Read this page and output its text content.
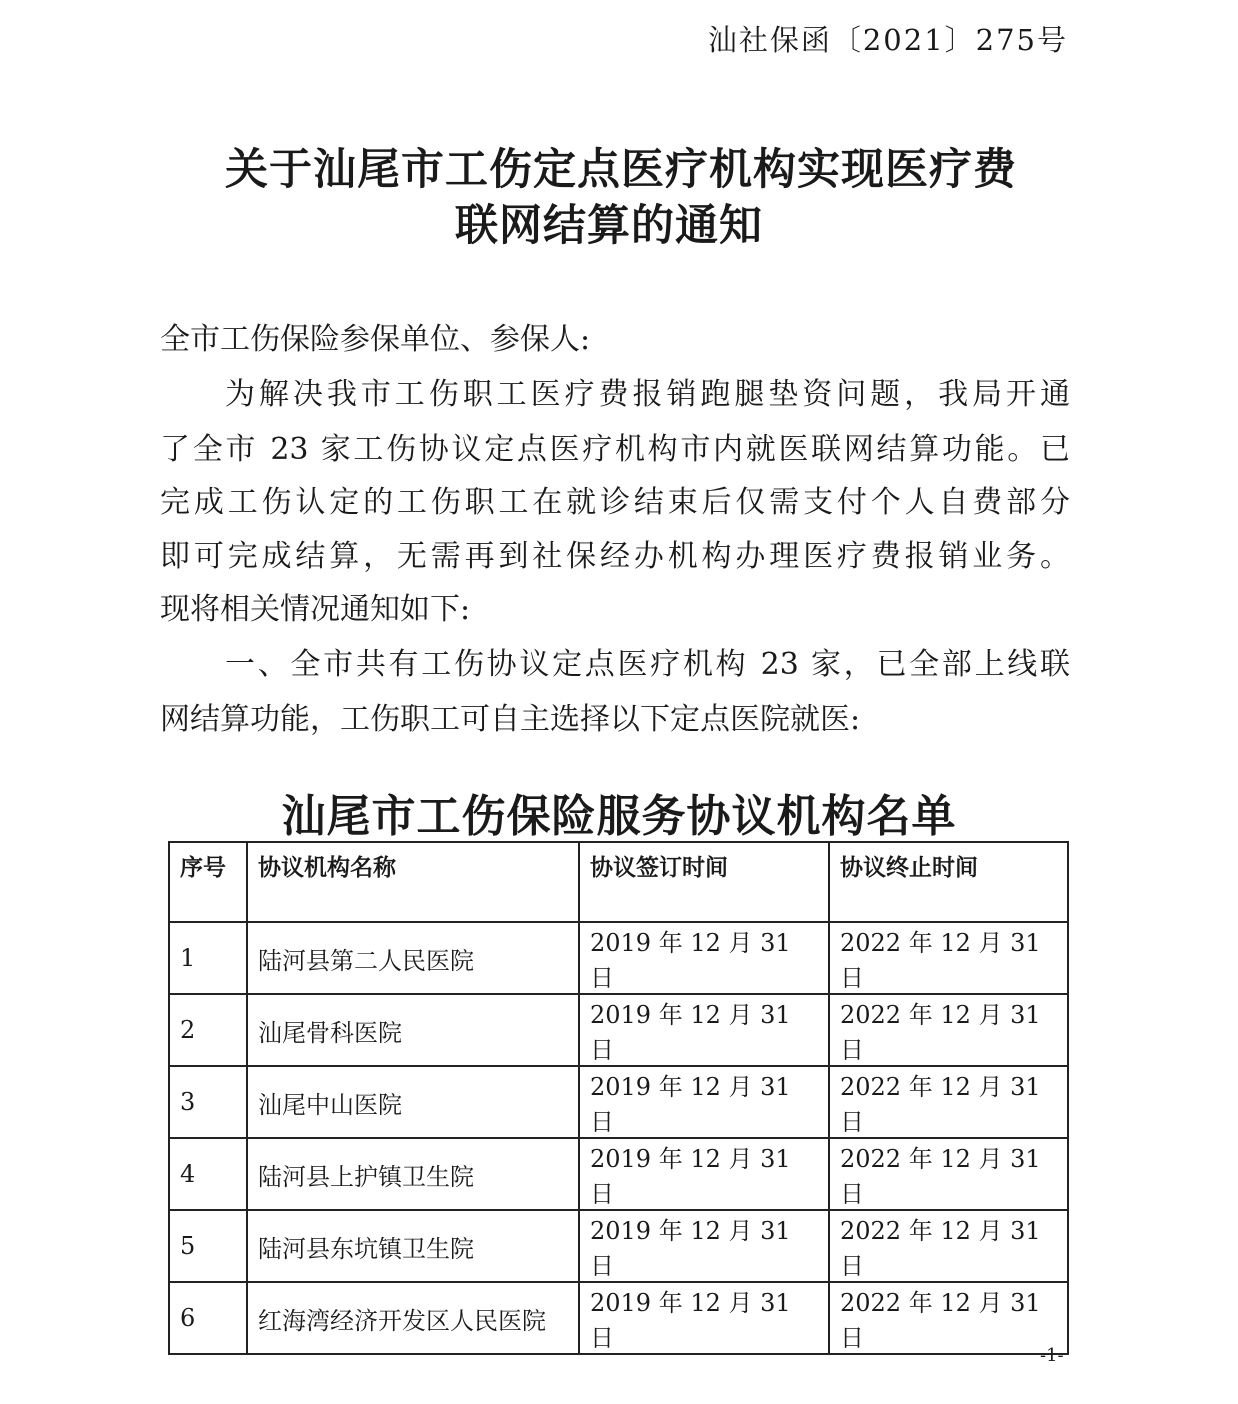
汕社保函〔2021〕275号
关于汕尾市工伤定点医疗机构实现医疗费
联网结算的通知
全市工伤保险参保单位、参保人:
为解决我市工伤职工医疗费报销跑腿垫资问题，我局开通
了全市 23 家工伤协议定点医疗机构市内就医联网结算功能。已
完成工伤认定的工伤职工在就诊结束后仅需支付个人自费部分
即可完成结算，无需再到社保经办机构办理医疗费报销业务。
现将相关情况通知如下:
一、全市共有工伤协议定点医疗机构 23 家，已全部上线联
网结算功能，工伤职工可自主选择以下定点医院就医:
汕尾市工伤保险服务协议机构名单
序号	协议机构名称	协议签订时间	协议终止时间
1	陆河县第二人民医院	2019 年 12 月 31 日	2022 年 12 月 31 日
2	汕尾骨科医院	2019 年 12 月 31 日	2022 年 12 月 31 日
3	汕尾中山医院	2019 年 12 月 31 日	2022 年 12 月 31 日
4	陆河县上护镇卫生院	2019 年 12 月 31 日	2022 年 12 月 31 日
5	陆河县东坑镇卫生院	2019 年 12 月 31 日	2022 年 12 月 31 日
6	红海湾经济开发区人民医院	2019 年 12 月 31 日	2022 年 12 月 31 日
-1-
